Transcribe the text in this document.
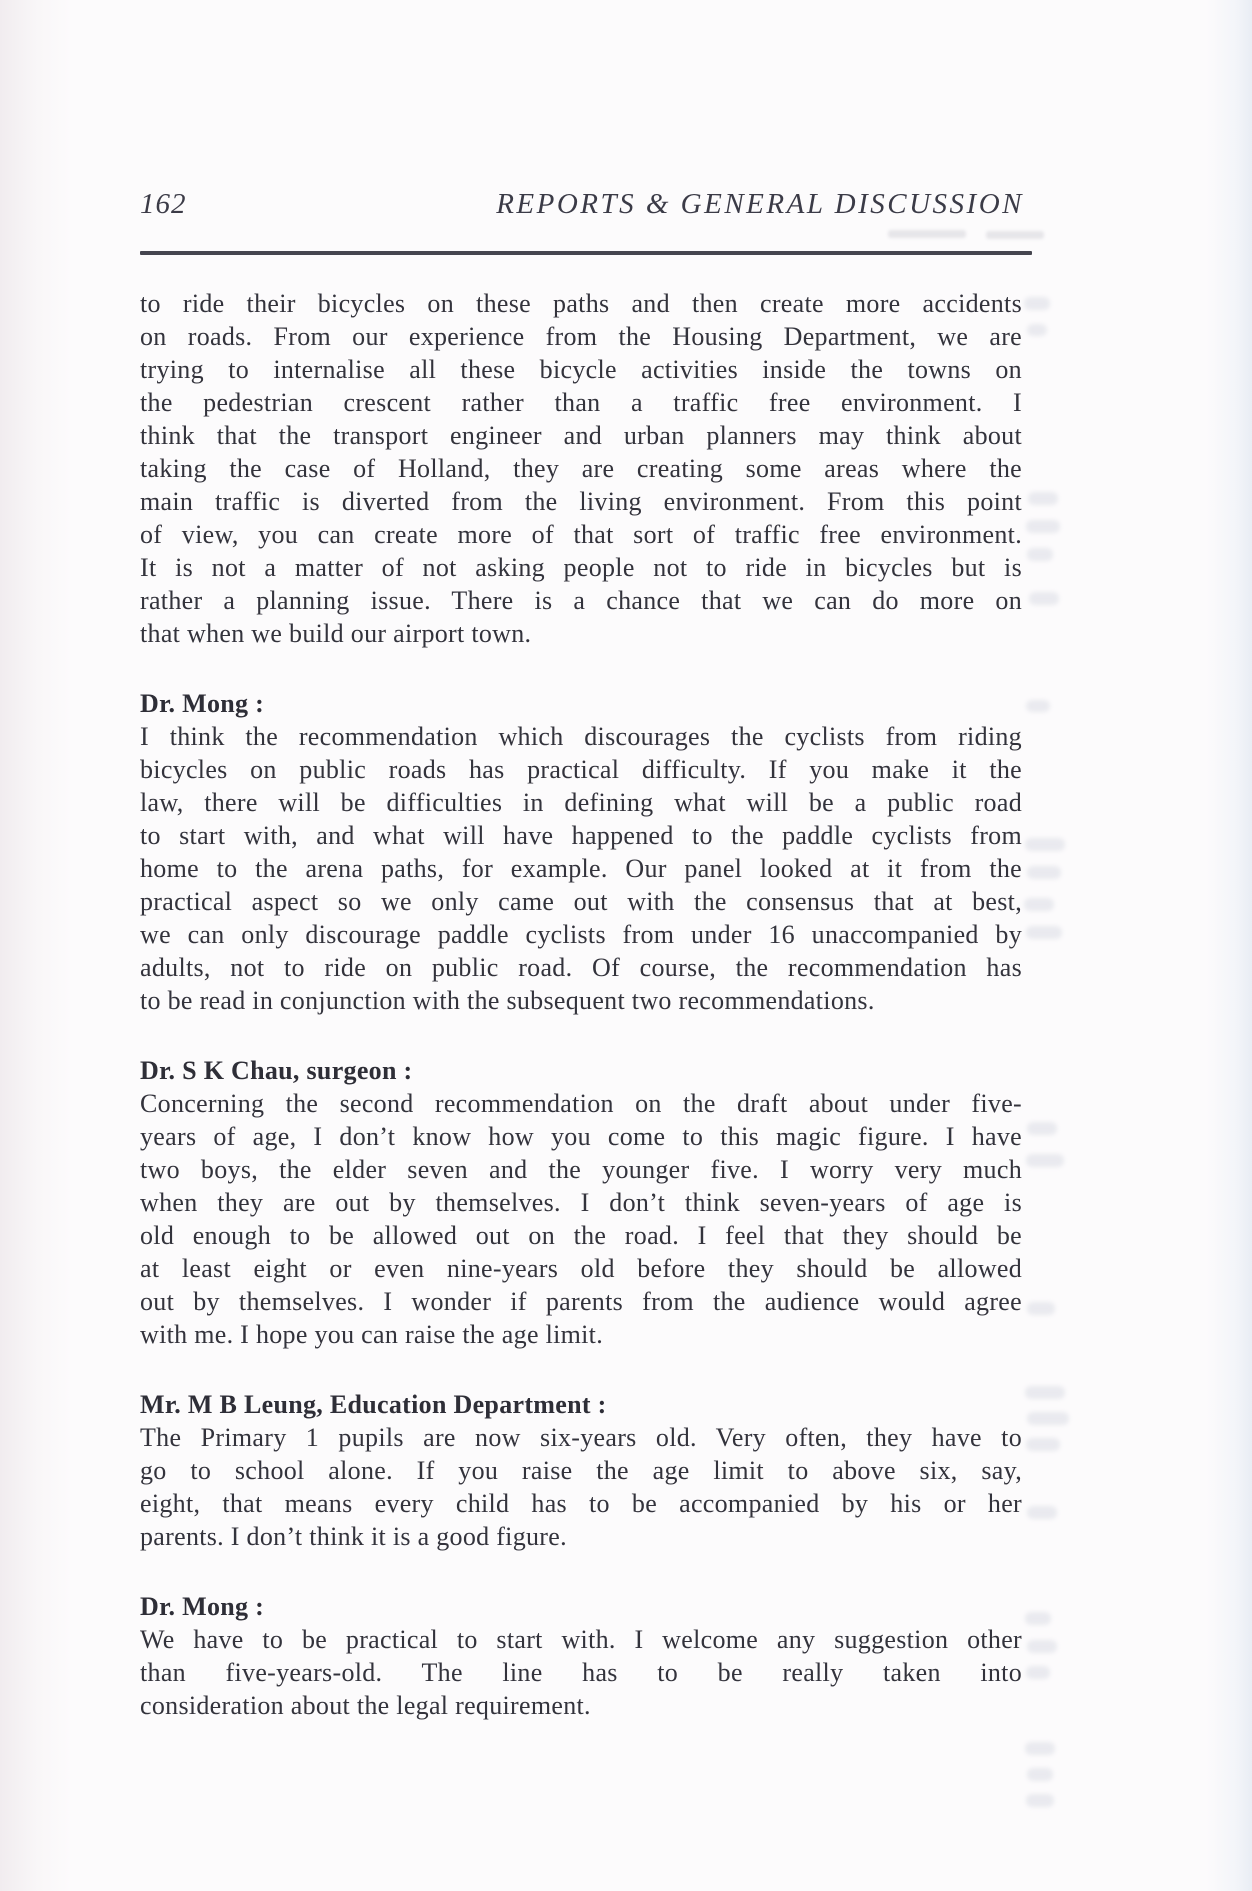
162	REPORTS & GENERAL DISCUSSION
to ride their bicycles on these paths and then create more accidents
on roads. From our experience from the Housing Department, we are
trying to internalise all these bicycle activities inside the towns on
the pedestrian crescent rather than a traffic free environment. I
think that the transport engineer and urban planners may think about
taking the case of Holland, they are creating some areas where the
main traffic is diverted from the living environment. From this point
of view, you can create more of that sort of traffic free environment.
It is not a matter of not asking people not to ride in bicycles but is
rather a planning issue. There is a chance that we can do more on
that when we build our airport town.
Dr. Mong :
I think the recommendation which discourages the cyclists from riding
bicycles on public roads has practical difficulty. If you make it the
law, there will be difficulties in defining what will be a public road
to start with, and what will have happened to the paddle cyclists from
home to the arena paths, for example. Our panel looked at it from the
practical aspect so we only came out with the consensus that at best,
we can only discourage paddle cyclists from under 16 unaccompanied by
adults, not to ride on public road. Of course, the recommendation has
to be read in conjunction with the subsequent two recommendations.
Dr. S K Chau, surgeon :
Concerning the second recommendation on the draft about under five-
years of age, I don’t know how you come to this magic figure. I have
two boys, the elder seven and the younger five. I worry very much
when they are out by themselves. I don’t think seven-years of age is
old enough to be allowed out on the road. I feel that they should be
at least eight or even nine-years old before they should be allowed
out by themselves. I wonder if parents from the audience would agree
with me. I hope you can raise the age limit.
Mr. M B Leung, Education Department :
The Primary 1 pupils are now six-years old. Very often, they have to
go to school alone. If you raise the age limit to above six, say,
eight, that means every child has to be accompanied by his or her
parents. I don’t think it is a good figure.
Dr. Mong :
We have to be practical to start with. I welcome any suggestion other
than five-years-old. The line has to be really taken into
consideration about the legal requirement.
